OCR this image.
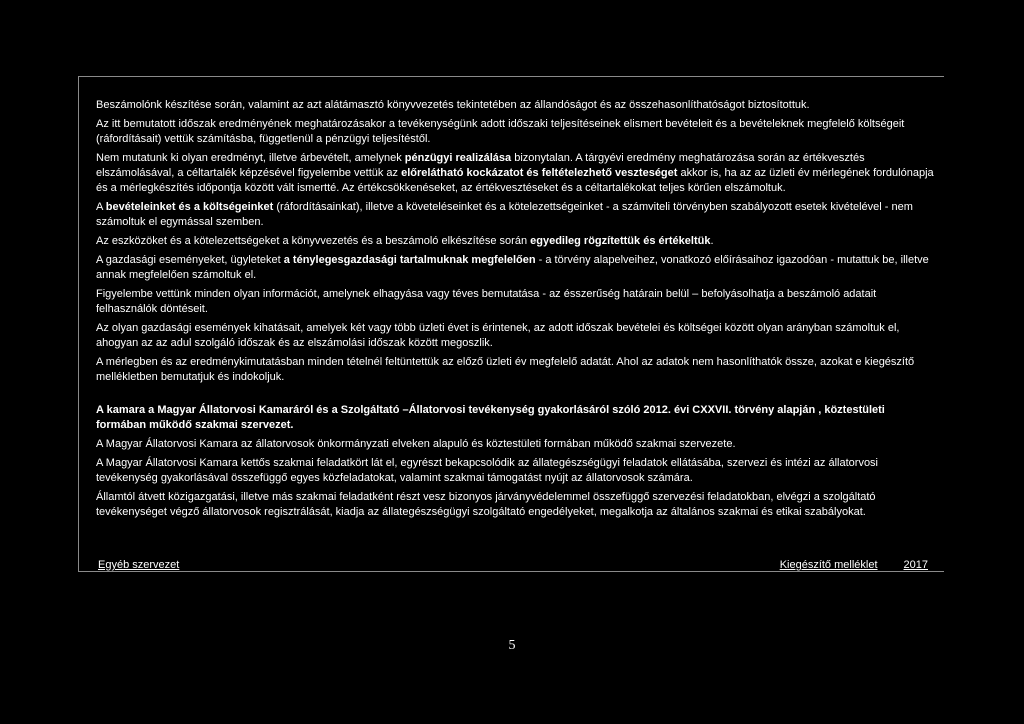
Beszámolónk készítése során, valamint az azt alátámasztó könyvvezetés tekintetében az állandóságot és az összehasonlíthatóságot biztosítottuk.

Az itt bemutatott időszak eredményének meghatározásakor a tevékenységünk adott időszaki teljesítéseinek elismert bevételeit és a bevételeknek megfelelő költségeit (ráfordításait) vettük számításba, függetlenül a pénzügyi teljesítéstől.

Nem mutatunk ki olyan eredményt, illetve árbevételt, amelynek pénzügyi realizálása bizonytalan. A tárgyévi eredmény meghatározása során az értékvesztés elszámolásával, a céltartalék képzésével figyelembe vettük az előrelátható kockázatot és feltételezhető veszteséget akkor is, ha az az üzleti év mérlegének fordulónapja és a mérlegkészítés időpontja között vált ismertté. Az értékcsökkenéseket, az értékvesztéseket és a céltartalékokat teljes körűen elszámoltuk.

A bevételeinket és a költségeinket (ráfordításainkat), illetve a követeléseinket és a kötelezettségeinket - a számviteli törvényben szabályozott esetek kivételével - nem számoltuk el egymással szemben.

Az eszközöket és a kötelezettségeket a könyvvezetés és a beszámoló elkészítése során egyedileg rögzítettük és értékeltük.

A gazdasági eseményeket, ügyleteket a ténylegesgazdasági tartalmuknak megfelelően - a törvény alapelveihez, vonatkozó előírásaihoz igazodóan - mutattuk be, illetve annak megfelelően számoltuk el.

Figyelembe vettünk minden olyan információt, amelynek elhagyása vagy téves bemutatása - az ésszerűség határain belül – befolyásolhatja a beszámoló adatait felhasználók döntéseit.

Az olyan gazdasági események kihatásait, amelyek két vagy több üzleti évet is érintenek, az adott időszak bevételei és költségei között olyan arányban számoltuk el, ahogyan az az adul szolgáló időszak és az elszámolási időszak között megoszlik.

A mérlegben és az eredménykimutatásban minden tételnél feltüntettük az előző üzleti év megfelelő adatát. Ahol az adatok nem hasonlíthatók össze, azokat e kiegészítő mellékletben bemutatjuk és indokoljuk.

A kamara a Magyar Állatorvosi Kamaráról és a Szolgáltató –Állatorvosi tevékenység gyakorlásáról szóló 2012. évi CXXVII. törvény alapján , köztestületi formában működő szakmai szervezet.

A Magyar Állatorvosi Kamara az állatorvosok önkormányzati elveken alapuló és köztestületi formában működő szakmai szervezete.

A Magyar Állatorvosi Kamara kettős szakmai feladatkört lát el, egyrészt bekapcsolódik az állategészségügyi feladatok ellátásába, szervezi és intézi az állatorvosi tevékenység gyakorlásával összefüggő egyes közfeladatokat, valamint szakmai támogatást nyújt az állatorvosok számára.

Államtól átvett közigazgatási, illetve más szakmai feladatként részt vesz bizonyos járványvédelemmel összefüggő szervezési feladatokban, elvégzi a szolgáltató tevékenységet végző állatorvosok regisztrálását, kiadja az állategészségügyi szolgáltató engedélyeket, megalkotja az általános szakmai és etikai szabályokat.

Egyéb szervezet	Kiegészítő melléklet 2017
5
